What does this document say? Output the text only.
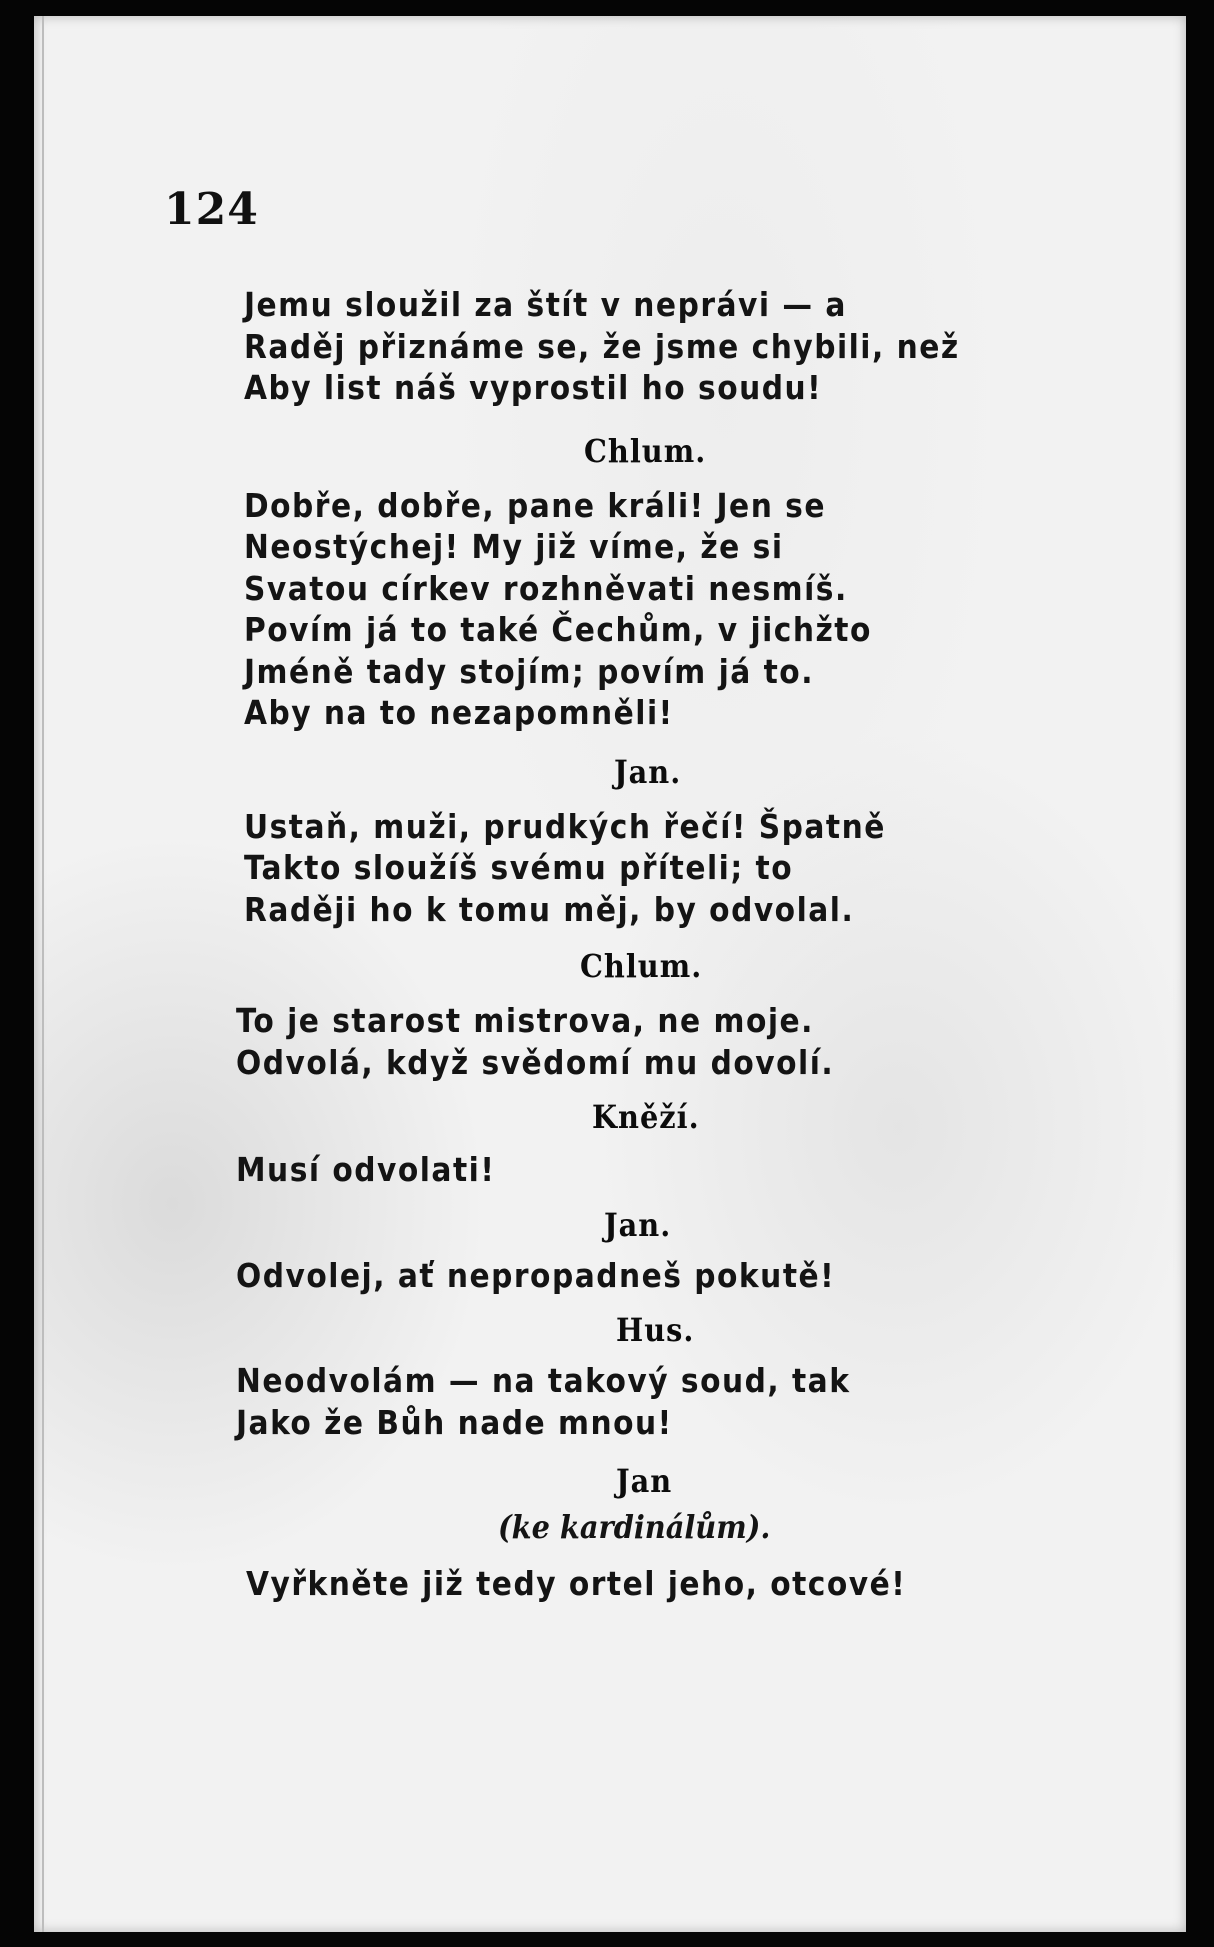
124
Jemu sloužil za štít v neprávi — a
Raděj přiznáme se, že jsme chybili, než
Aby list náš vyprostil ho soudu!
Chlum.
Dobře, dobře, pane králi! Jen se
Neostýchej! My již víme, že si
Svatou církev rozhněvati nesmíš.
Povím já to také Čechům, v jichžto
Jméně tady stojím; povím já to.
Aby na to nezapomněli!
Jan.
Ustaň, muži, prudkých řečí! Špatně
Takto sloužíš svému příteli; to
Raději ho k tomu měj, by odvolal.
Chlum.
To je starost mistrova, ne moje.
Odvolá, když svědomí mu dovolí.
Kněží.
Musí odvolati!
Jan.
Odvolej, ať nepropadneš pokutě!
Hus.
Neodvolám — na takový soud, tak
Jako že Bůh nade mnou!
Jan
(ke kardinálům).
Vyřkněte již tedy ortel jeho, otcové!
